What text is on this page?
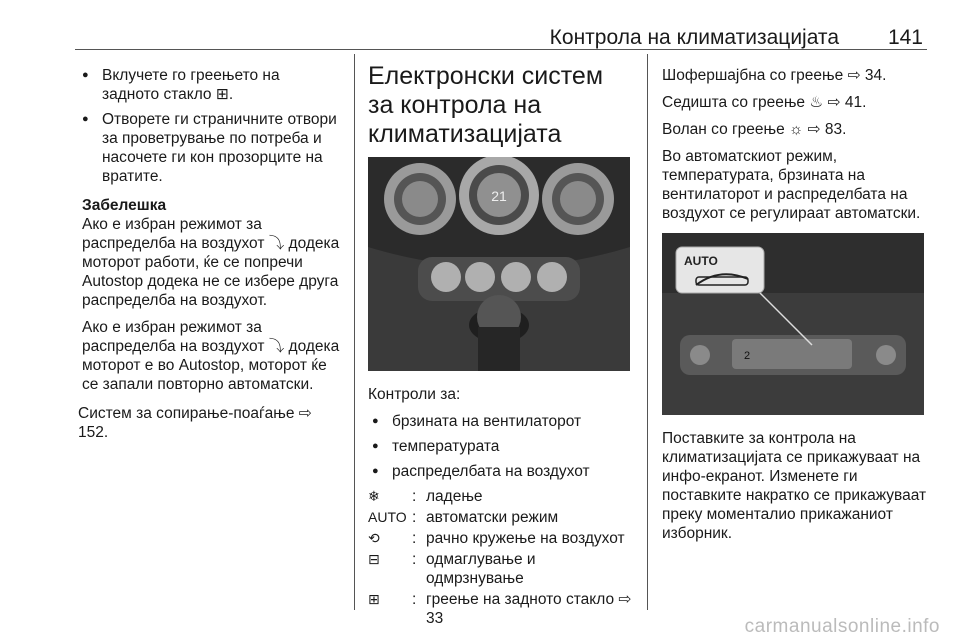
Контрола на климатизацијата 141
● Вклучете го греењето на задното стакло ⊞.
● Отворете ги страничните отвори за проветрување по потреба и насочете ги кон прозорците на вратите.
Забелешка

Ако е избран режимот за распределба на воздухот ⤵ додека моторот работи, ќе се попречи Autostop додека не се избере друга распределба на воздухот.

Ако е избран режимот за распределба на воздухот ⤵ додека моторот е во Autostop, моторот ќе се запали повторно автоматски.

Систем за сопирање-поаѓање ⇨ 152.

Електронски систем за контрола на климатизацијата
21

Контроли за:

● брзината на вентилаторот
● температурата
● распределбата на воздухот
❄	: ладење
AUTO : автоматски режим
⟲	: рачно кружење на воздухот
⊟	: одмаглување и одмрзнување
⊞	: греење на задното стакло ⇨ 33

Шофершајбна со греење ⇨ 34.

Седишта со греење ♨ ⇨ 41.

Волан со греење ☼ ⇨ 83.

Во автоматскиот режим, температурата, брзината на вентилаторот и распределбата на воздухот се регулираат автоматски.

2
AUTO

Поставките за контрола на климатизацијата се прикажуваат на инфо-екранот. Изменете ги поставките накратко се прикажуваат преку моменталио прикажаниот изборник.

carmanualsonline.info
